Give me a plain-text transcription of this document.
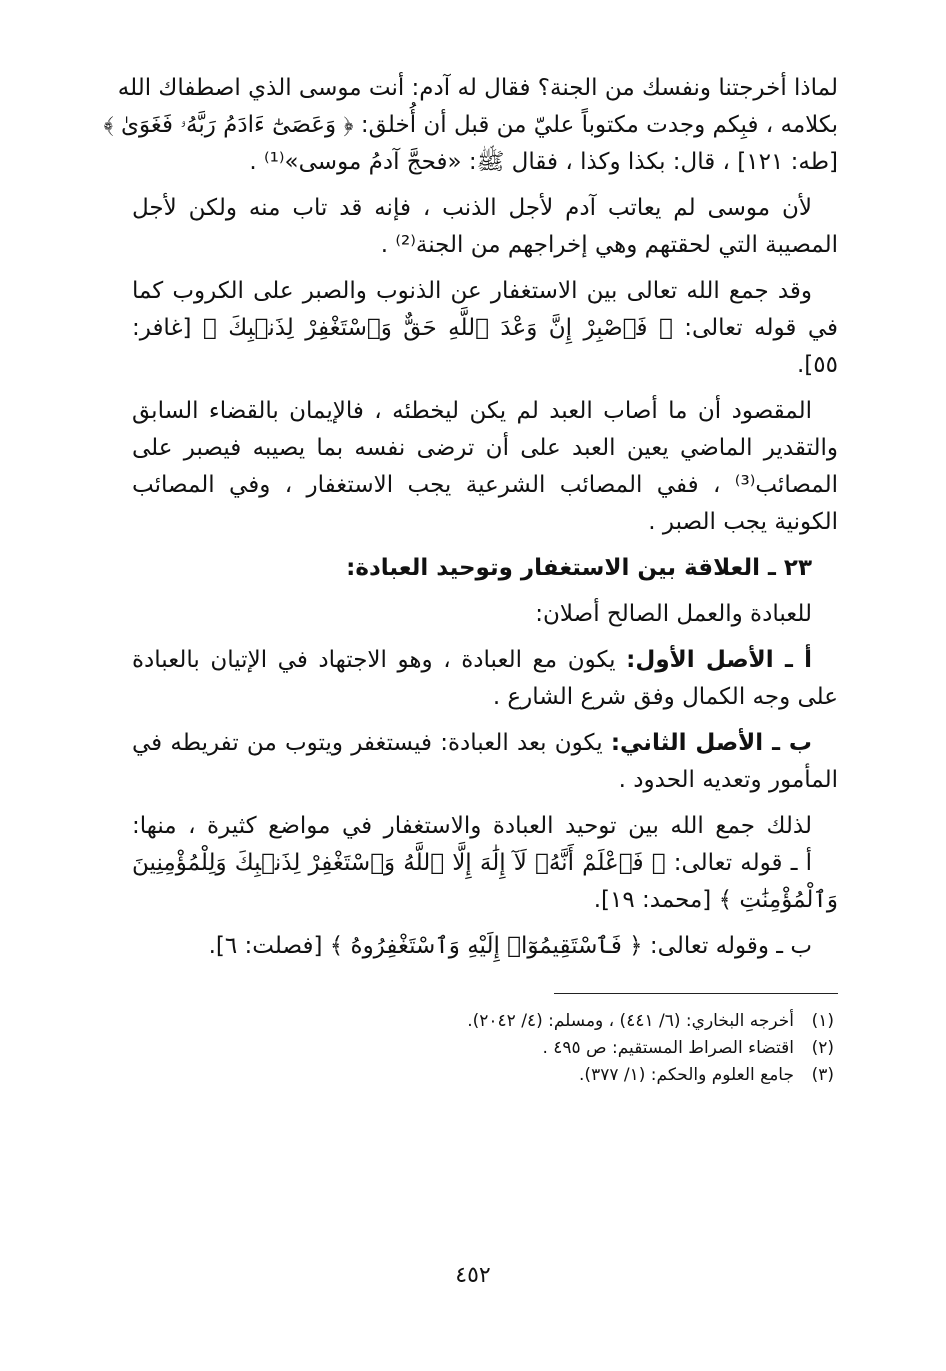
لماذا أخرجتنا ونفسك من الجنة؟ فقال له آدم: أنت موسى الذي اصطفاك الله
بكلامه ، فبِكم وجدت مكتوباً عليّ من قبل أن أُخلق: ﴿ وَعَصَىٰٓ ءَادَمُ رَبَّهُۥ فَغَوَىٰ ﴾
[طه: ١٢١] ، قال: بكذا وكذا ، فقال ﷺ: «فحجَّ آدمُ موسى»⁽¹⁾ .
لأن موسى لم يعاتب آدم لأجل الذنب ، فإنه قد تاب منه ولكن لأجل
المصيبة التي لحقتهم وهي إخراجهم من الجنة⁽²⁾ .
وقد جمع الله تعالى بين الاستغفار عن الذنوب والصبر على الكروب كما
في قوله تعالى: ﴿ فَٱصْبِرْ إِنَّ وَعْدَ ٱللَّهِ حَقٌّ وَٱسْتَغْفِرْ لِذَنۢبِكَ ﴾ [غافر:
٥٥].
المقصود أن ما أصاب العبد لم يكن ليخطئه ، فالإيمان بالقضاء السابق
والتقدير الماضي يعين العبد على أن ترضى نفسه بما يصيبه فيصبر على
المصائب⁽³⁾ ، ففي المصائب الشرعية يجب الاستغفار ، وفي المصائب
الكونية يجب الصبر .
٢٣ ـ العلاقة بين الاستغفار وتوحيد العبادة:
للعبادة والعمل الصالح أصلان:
أ ـ الأصل الأول: يكون مع العبادة ، وهو الاجتهاد في الإتيان بالعبادة
على وجه الكمال وفق شرع الشارع .
ب ـ الأصل الثاني: يكون بعد العبادة: فيستغفر ويتوب من تفريطه في
المأمور وتعديه الحدود .
لذلك جمع الله بين توحيد العبادة والاستغفار في مواضع كثيرة ، منها:
أ ـ قوله تعالى: ﴿ فَٱعْلَمْ أَنَّهُۥ لَآ إِلَٰهَ إِلَّا ٱللَّهُ وَٱسْتَغْفِرْ لِذَنۢبِكَ وَلِلْمُؤْمِنِينَ
وَٱلْمُؤْمِنَٰتِ ﴾ [محمد: ١٩].
ب ـ وقوله تعالى: ﴿ فَٱسْتَقِيمُوٓا۟ إِلَيْهِ وَٱسْتَغْفِرُوهُ ﴾ [فصلت: ٦].
(١)أخرجه البخاري: (٦/ ٤٤١) ، ومسلم: (٤/ ٢٠٤٢).
(٢)اقتضاء الصراط المستقيم: ص ٤٩٥ .
(٣)جامع العلوم والحكم: (١/ ٣٧٧).
٤٥٢
